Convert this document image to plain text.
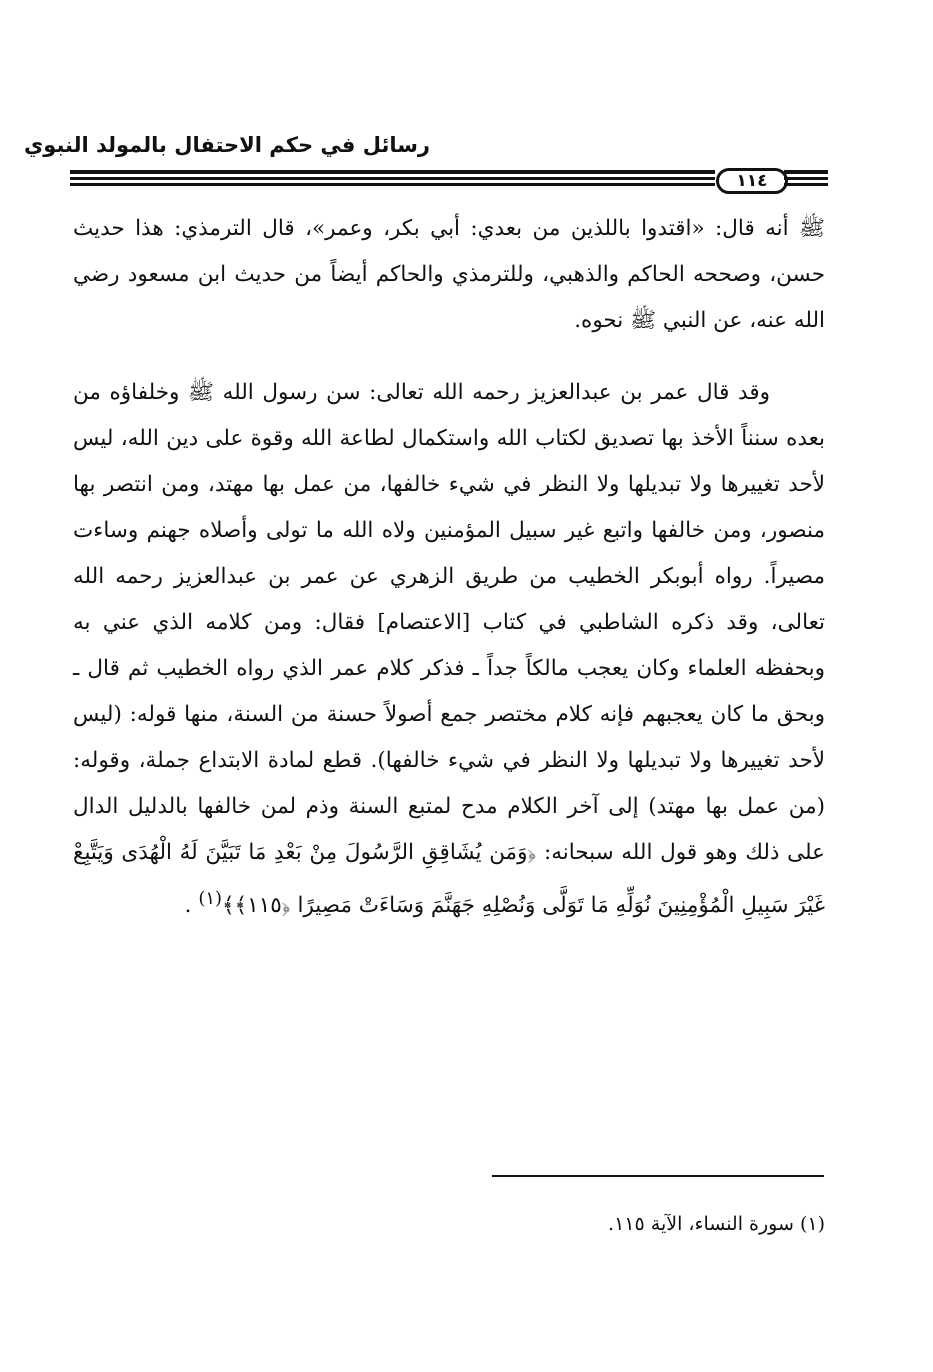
رسائل في حكم الاحتفال بالمولد النبوي
١١٤

ﷺ أنه قال: «اقتدوا باللذين من بعدي: أبي بكر، وعمر»، قال الترمذي: هذا حديث حسن، وصححه الحاكم والذهبي، وللترمذي والحاكم أيضاً من حديث ابن مسعود رضي الله عنه، عن النبي ﷺ نحوه.

وقد قال عمر بن عبدالعزيز رحمه الله تعالى: سن رسول الله ﷺ وخلفاؤه من بعده سنناً الأخذ بها تصديق لكتاب الله واستكمال لطاعة الله وقوة على دين الله، ليس لأحد تغييرها ولا تبديلها ولا النظر في شيء خالفها، من عمل بها مهتد، ومن انتصر بها منصور، ومن خالفها واتبع غير سبيل المؤمنين ولاه الله ما تولى وأصلاه جهنم وساءت مصيراً. رواه أبوبكر الخطيب من طريق الزهري عن عمر بن عبدالعزيز رحمه الله تعالى، وقد ذكره الشاطبي في كتاب [الاعتصام] فقال: ومن كلامه الذي عني به وبحفظه العلماء وكان يعجب مالكاً جداً ـ فذكر كلام عمر الذي رواه الخطيب ثم قال ـ وبحق ما كان يعجبهم فإنه كلام مختصر جمع أصولاً حسنة من السنة، منها قوله: (ليس لأحد تغييرها ولا تبديلها ولا النظر في شيء خالفها). قطع لمادة الابتداع جملة، وقوله: (من عمل بها مهتد) إلى آخر الكلام مدح لمتبع السنة وذم لمن خالفها بالدليل الدال على ذلك وهو قول الله سبحانه: ﴿وَمَن يُشَاقِقِ الرَّسُولَ مِنْ بَعْدِ مَا تَبَيَّنَ لَهُ الْهُدَى وَيَتَّبِعْ غَيْرَ سَبِيلِ الْمُؤْمِنِينَ نُوَلِّهِ مَا تَوَلَّى وَنُصْلِهِ جَهَنَّمَ وَسَاءَتْ مَصِيرًا ﴿١١٥﴾﴾$^{(١)}$ .

(١) سورة النساء، الآية ١١٥.
